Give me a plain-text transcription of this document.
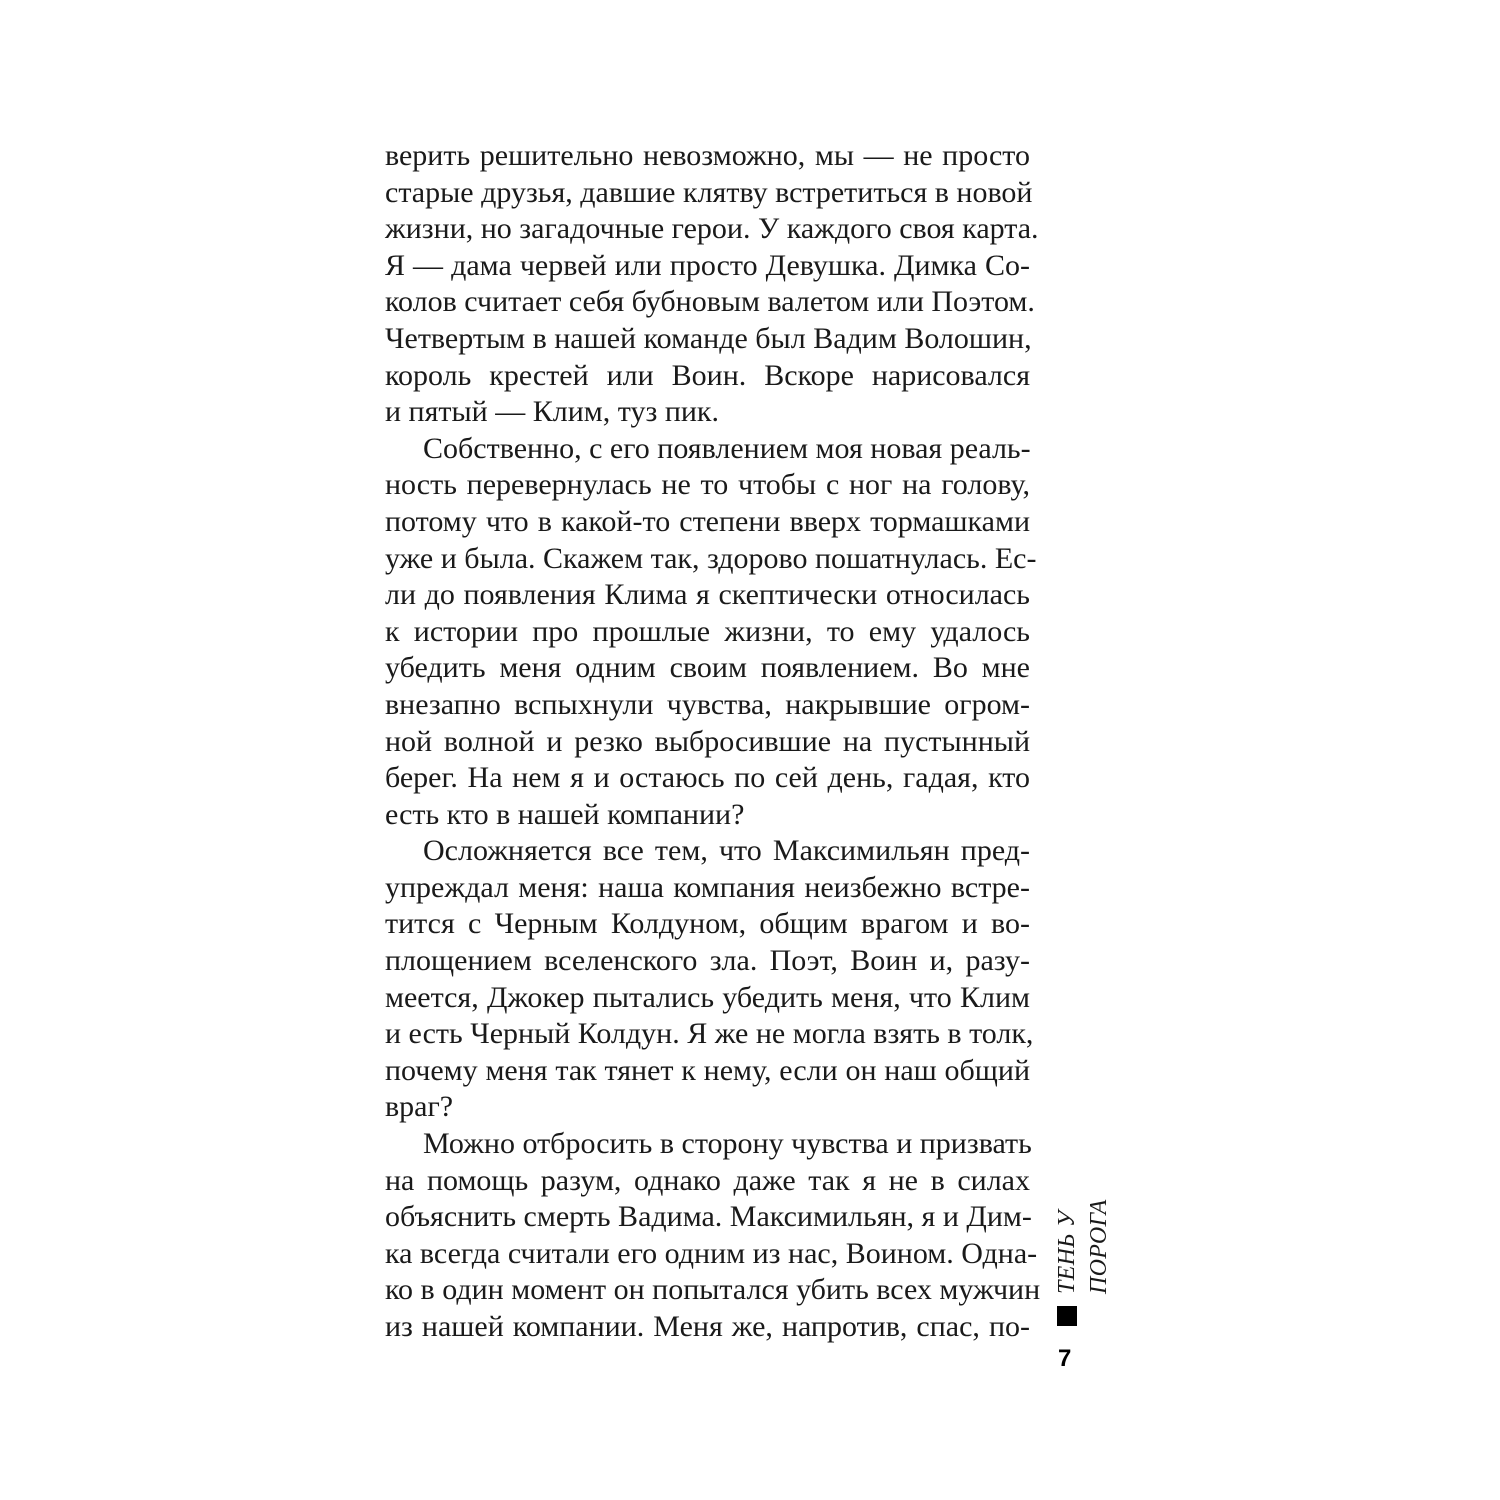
верить решительно невозможно, мы — не просто
старые друзья, давшие клятву встретиться в новой
жизни, но загадочные герои. У каждого своя карта.
Я — дама червей или просто Девушка. Димка Со-
колов считает себя бубновым валетом или Поэтом.
Четвертым в нашей команде был Вадим Волошин,
король крестей или Воин. Вскоре нарисовался
и пятый — Клим, туз пик.
Собственно, с его появлением моя новая реаль-
ность перевернулась не то чтобы с ног на голову,
потому что в какой-то степени вверх тормашками
уже и была. Скажем так, здорово пошатнулась. Ес-
ли до появления Клима я скептически относилась
к истории про прошлые жизни, то ему удалось
убедить меня одним своим появлением. Во мне
внезапно вспыхнули чувства, накрывшие огром-
ной волной и резко выбросившие на пустынный
берег. На нем я и остаюсь по сей день, гадая, кто
есть кто в нашей компании?
Осложняется все тем, что Максимильян пред-
упреждал меня: наша компания неизбежно встре-
тится с Черным Колдуном, общим врагом и во-
площением вселенского зла. Поэт, Воин и, разу-
меется, Джокер пытались убедить меня, что Клим
и есть Черный Колдун. Я же не могла взять в толк,
почему меня так тянет к нему, если он наш общий
враг?
Можно отбросить в сторону чувства и призвать
на помощь разум, однако даже так я не в силах
объяснить смерть Вадима. Максимильян, я и Дим-
ка всегда считали его одним из нас, Воином. Одна-
ко в один момент он попытался убить всех мужчин
из нашей компании. Меня же, напротив, спас, по-
ТЕНЬ У ПОРОГА
7
